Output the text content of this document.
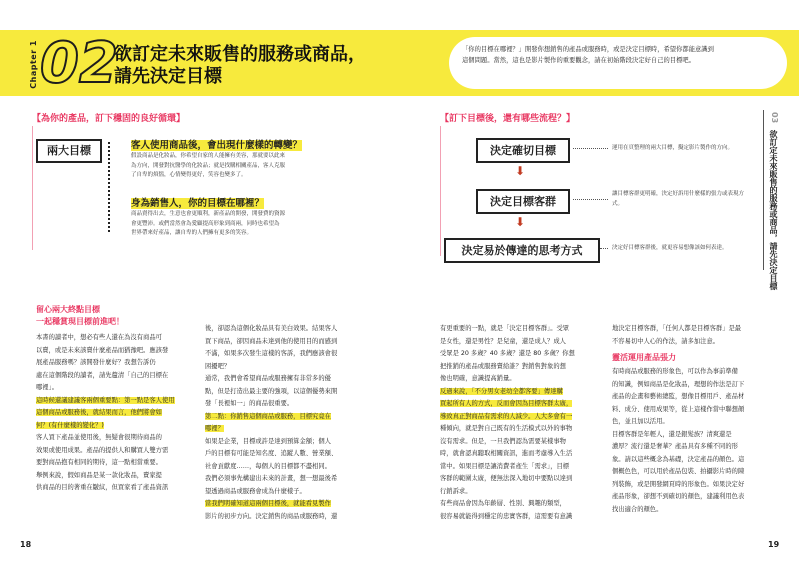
Chapter 1 02
欲訂定未來販售的服務或商品，
請先決定目標
「你的目標在哪裡？」開發你想銷售的產品或服務時，或是決定目標時，希望你都能意識到
這個問題。當然，這也是影片製作的重要觀念，請在初始階段決定好自己的目標吧。
【為你的產品，訂下穩固的良好循環】
兩大目標	客人使用商品後，會出現什麼樣的轉變？
假設商品是化妝品，你希望自家的人能擁有美容，那就要以此來
為方向，開發對抗醫學的化妝品；就是找購相關產品，客人克服
了自卑的煩惱，心情變得更好，笑容也變多了。
身為銷售人，你的目標在哪裡？
商品賣得出去，生意也會更順利，新產品的開發，開發費的資源
會更豐沛。或們當然會為愛顧提高形象到商兩，同時也希望為
世界帶來好產品，讓自卑的人們擁有更多的笑容。
【訂下目標後，還有哪些流程？】
決定確切目標
⬇
決定目標客群
⬇
決定易於傳達的思考方式
運用在頁整理的兩大目標，擬定影片製作的方向。
讓目標客群更明確，決定好訴用什麼樣的張力或表現方式。
決定好目標客群後，就更容易想像該如何表達。
03
欲訂定未來販售的服務或商品，請先決定目標
留心兩大終點目標
一起穩賞現目標前進吧！
本書的讀者中，想必有些人還在為沒有商品可
以賣，或是未來該賣什麼產品而猶豫吧。應該發
展產品服務嗎？該開發什麼好？我想告訴仍
處在這個階段的讀者，請先釐清「自己的目標在
哪裡」。
這時候還議建議客兩個重要點：第一點是客人使用
這個商品或服務後，就結果而言，他們將會如
何？(有什麼樣的變化？)
客人買下產品並使用後，無疑會很期待商品的
效果或使用成果。產品的提供人和購買人雙方需
要對商品抱有相同的期待，這一點相當重要。
舉例來說，假如商品是某一款化妝品，賣家提
供商品的目的著重在皺紋，但買家看了產品資訊
後，卻認為這個化妝品具有美白效果。結果客人
買下商品，卻因商品未達到他的使用目的而感到
不滿，如果多次發生這樣的客訴，我們應該會很
困擾吧？
通常，我們會希望商品或服務擁有非常多的優
點，但是打造出最主要的強項，以這個優勢來開
發「長裡如一」的商品很重要。
第二點：你銷售這個商品或服務，目標究竟在
哪裡？
如果是企業，目標或許是達到預算金額；個人
戶的目標有可能是知名度、追蹤人數、營業額、
社會貢獻度……，每個人的目標都不盡相同。
我們必須事先構建出未來的計畫，想一想最後希
望透過商品或服務會成為什麼樣子。
當我們明確知道這兩個目標後，就能看見製作
影片的初步方向。決定銷售的商品或服務時，還
有更重要的一點，就是「決定目標客群」。受眾
是女性，還是男性？是兒童，還是成人？成人
受眾是 20 多歲？40 多歲？還是 80 多歲？你想
把推銷的產品或服務賣給誰？對銷售對象的想
像也明確，意識提高銷量。
反過來說，「不分男女老幼全都客要」傳達購
買起所有人的方式，反而會因為目標客群太廣，
導致真正對商品有需求的人減少。人大多會有一
種傾向，就是對自己既有的生活模式以外的事物
沒有需求。但是，一旦我們認為需要某樣事物
時，就會認真聽取相關資訊，進而考慮導入生活
當中。如果目標是讓消費者產生「需求」，目標
客群的範圍太廣，便無法深入地切中要點以達到
行銷訴求。
有些商品會因為年齡層、性別、興趣的類型，
很容易就能得到穩定的忠實客群，這需要有意識
地決定目標客群，「任何人都是目標客群」是最
不容易切中人心的作法，請多加注意。
靈活運用產品張力
有時商品或服務的形象色，可以作為事前準備
的知識，例如商品是化妝品，理想的作法是訂下
產品的企畫和藝術總監，想像目標用戶、產品材
料、成分、使用成果等，從上這樣作當中聯想顏
色，並且加以活用。
目標客群是年輕人，還是銀髮族？清爽還是
濃厚？流行還是奢華？產品具有多種不同的形
象。請以這些概念為基礎，決定產品的顏色。這
個概色色，可以用於產品包裝、拍攝影片時的陳
列裝飾，或是開發網頁時的形象色。如果決定好
產品形象，卻想不到確切的顏色，建議利用色表
找出適合的顏色。
18	19
